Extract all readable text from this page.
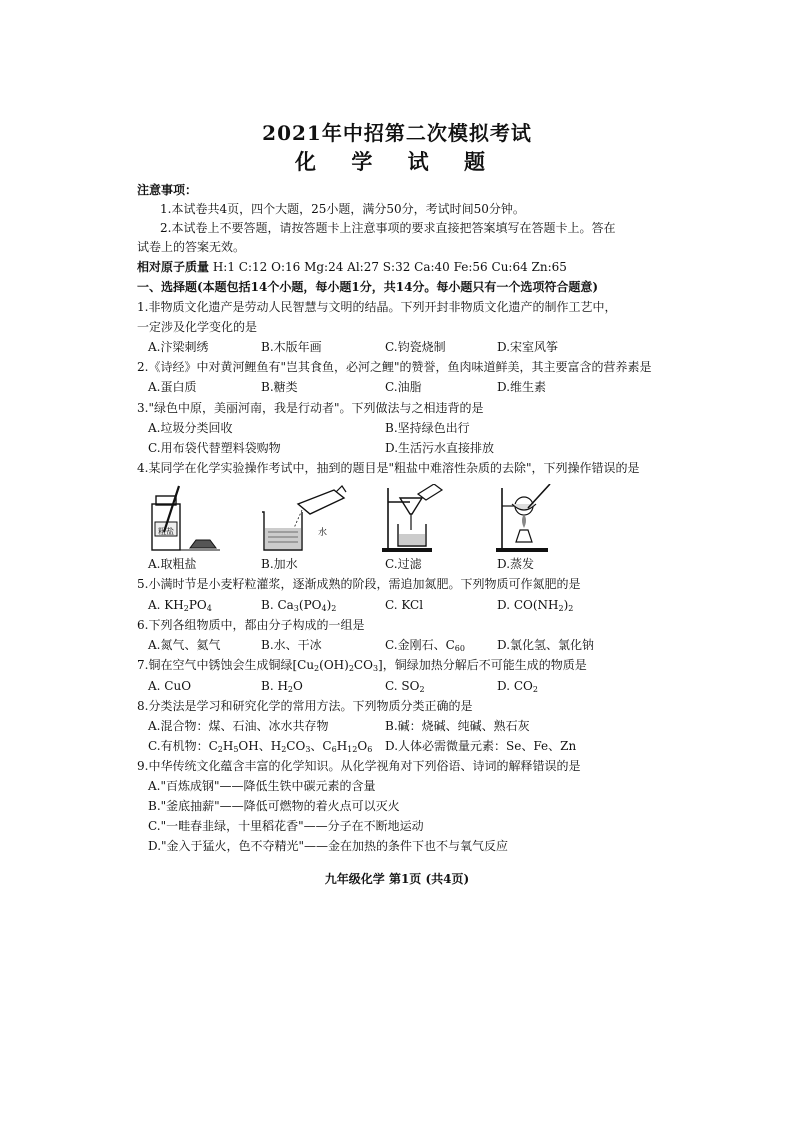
2021年中招第二次模拟考试
化 学 试 题
注意事项：
1.本试卷共4页，四个大题，25小题，满分50分，考试时间50分钟。
2.本试卷上不要答题，请按答题卡上注意事项的要求直接把答案填写在答题卡上。答在
试卷上的答案无效。
相对原子质量 H:1 C:12 O:16 Mg:24 Al:27 S:32 Ca:40 Fe:56 Cu:64 Zn:65
一、选择题(本题包括14个小题，每小题1分，共14分。每小题只有一个选项符合题意)
1.非物质文化遗产是劳动人民智慧与文明的结晶。下列开封非物质文化遗产的制作工艺中，
一定涉及化学变化的是
A.汴梁刺绣	B.木版年画	C.钧瓷烧制	D.宋室风筝
2.《诗经》中对黄河鲤鱼有"岂其食鱼，必河之鲤"的赞誉，鱼肉味道鲜美，其主要富含的营养素是
A.蛋白质	B.糖类	C.油脂	D.维生素
3."绿色中原，美丽河南，我是行动者"。下列做法与之相违背的是
A.垃圾分类回收	B.坚持绿色出行
C.用布袋代替塑料袋购物	D.生活污水直接排放
4.某同学在化学实验操作考试中，抽到的题目是"粗盐中难溶性杂质的去除"，下列操作错误的是
粗盐	水
A.取粗盐	B.加水	C.过滤	D.蒸发
5.小满时节是小麦籽粒灌浆，逐渐成熟的阶段，需追加氮肥。下列物质可作氮肥的是
A. $KH_2PO_4$	B. $Ca_3(PO_4)_2$	C. KCl	D. $CO(NH_2)_2$
6.下列各组物质中，都由分子构成的一组是
A.氮气、氦气	B.水、干冰	C.金刚石、$C_{60}$	D.氯化氢、氯化钠
7.铜在空气中锈蚀会生成铜绿$[Cu_2(OH)_2CO_3]$，铜绿加热分解后不可能生成的物质是
A. CuO	B. $H_2O$	C. $SO_2$	D. $CO_2$
8.分类法是学习和研究化学的常用方法。下列物质分类正确的是
A.混合物：煤、石油、冰水共存物	B.碱：烧碱、纯碱、熟石灰
C.有机物：$C_2H_5OH$、$H_2CO_3$、$C_6H_{12}O_6$ D.人体必需微量元素：Se、Fe、Zn
9.中华传统文化蕴含丰富的化学知识。从化学视角对下列俗语、诗词的解释错误的是
A."百炼成钢"——降低生铁中碳元素的含量
B."釜底抽薪"——降低可燃物的着火点可以灭火
C."一畦春韭绿，十里稻花香"——分子在不断地运动
D."金入于猛火，色不夺精光"——金在加热的条件下也不与氧气反应
九年级化学 第1页 (共4页)
